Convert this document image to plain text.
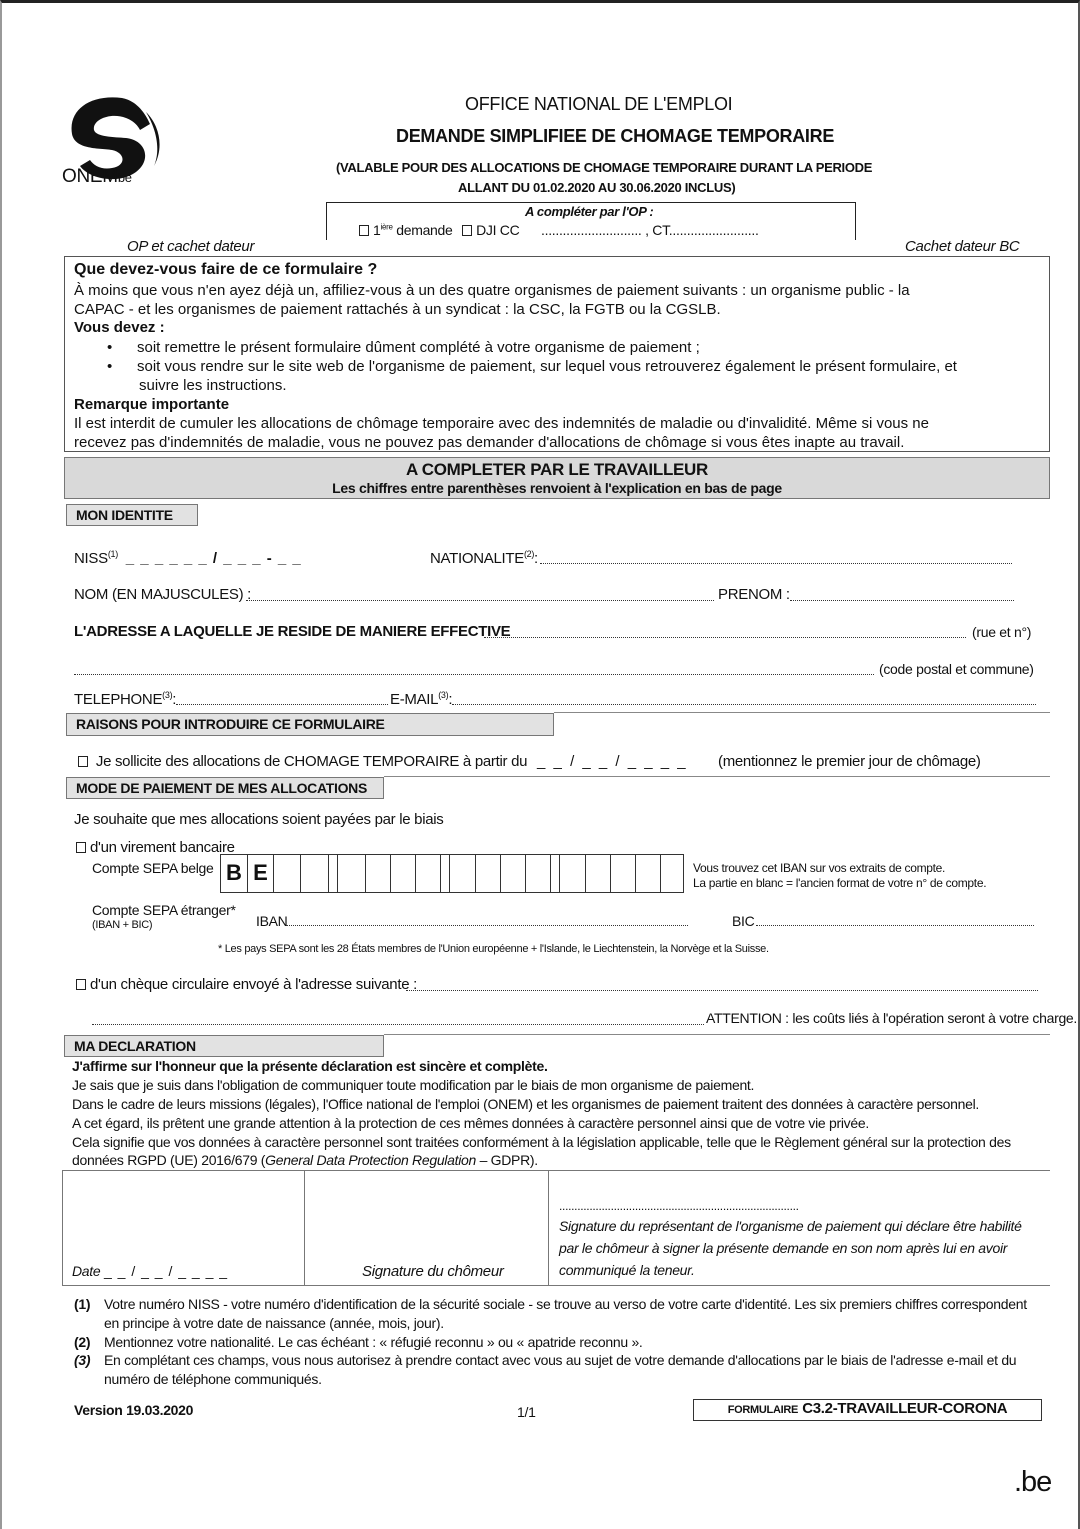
ONEMbe
OFFICE NATIONAL DE L'EMPLOI
DEMANDE SIMPLIFIEE DE CHOMAGE TEMPORAIRE
(VALABLE POUR DES ALLOCATIONS DE CHOMAGE TEMPORAIRE DURANT LA PERIODE
ALLANT DU 01.02.2020 AU 30.06.2020 INCLUS)
A compléter par l'OP :
$1^{ière}$ demande DJI CC ............................ , CT.........................
OP et cachet dateur	Cachet dateur BC
Que devez-vous faire de ce formulaire ?
À moins que vous n'en ayez déjà un, affiliez-vous à un des quatre organismes de paiement suivants : un organisme public - la
CAPAC - et les organismes de paiement rattachés à un syndicat : la CSC, la FGTB ou la CGSLB.
Vous devez :
• soit remettre le présent formulaire dûment complété à votre organisme de paiement ;
• soit vous rendre sur le site web de l'organisme de paiement, sur lequel vous retrouverez également le présent formulaire, et
suivre les instructions.
Remarque importante
Il est interdit de cumuler les allocations de chômage temporaire avec des indemnités de maladie ou d'invalidité. Même si vous ne
recevez pas d'indemnités de maladie, vous ne pouvez pas demander d'allocations de chômage si vous êtes inapte au travail.
A COMPLETER PAR LE TRAVAILLEUR
Les chiffres entre parenthèses renvoient à l'explication en bas de page
MON IDENTITE
NISS$^{(1)}$ _ _ _ _ _ _ / _ _ _ - _ _	NATIONALITE$^{(2)}$:
NOM (EN MAJUSCULES) :	PRENOM :
L'ADRESSE A LAQUELLE JE RESIDE DE MANIERE EFFECTIVE	(rue et n°)
(code postal et commune)
TELEPHONE$^{(3)}$:	E-MAIL$^{(3)}$:
RAISONS POUR INTRODUIRE CE FORMULAIRE
Je sollicite des allocations de CHOMAGE TEMPORAIRE à partir du _ _ / _ _ / _ _ _ _ (mentionnez le premier jour de chômage)
MODE DE PAIEMENT DE MES ALLOCATIONS
Je souhaite que mes allocations soient payées par le biais
d'un virement bancaire
Compte SEPA belge B E	Vous trouvez cet IBAN sur vos extraits de compte.
La partie en blanc = l'ancien format de votre n° de compte.
Compte SEPA étranger*
(IBAN + BIC)	IBAN	BIC
* Les pays SEPA sont les 28 États membres de l'Union européenne + l'Islande, le Liechtenstein, la Norvège et la Suisse.
d'un chèque circulaire envoyé à l'adresse suivante :
ATTENTION : les coûts liés à l'opération seront à votre charge.
MA DECLARATION
J'affirme sur l'honneur que la présente déclaration est sincère et complète.
Je sais que je suis dans l'obligation de communiquer toute modification par le biais de mon organisme de paiement.
Dans le cadre de leurs missions (légales), l'Office national de l'emploi (ONEM) et les organismes de paiement traitent des données à caractère personnel.
A cet égard, ils prêtent une grande attention à la protection de ces mêmes données à caractère personnel ainsi que de votre vie privée.
Cela signifie que vos données à caractère personnel sont traitées conformément à la législation applicable, telle que le Règlement général sur la protection des
données RGPD (UE) 2016/679 (General Data Protection Regulation – GDPR).
Date _ _ / _ _ / _ _ _ _	Signature du chômeur
...............................................................................
Signature du représentant de l'organisme de paiement qui déclare être habilité
par le chômeur à signer la présente demande en son nom après lui en avoir
communiqué la teneur.
(1) Votre numéro NISS - votre numéro d'identification de la sécurité sociale - se trouve au verso de votre carte d'identité. Les six premiers chiffres correspondent
en principe à votre date de naissance (année, mois, jour).
(2) Mentionnez votre nationalité. Le cas échéant : « réfugié reconnu » ou « apatride reconnu ».
(3) En complétant ces champs, vous nous autorisez à prendre contact avec vous au sujet de votre demande d'allocations par le biais de l'adresse e-mail et du
numéro de téléphone communiqués.
Version 19.03.2020	1/1	FORMULAIRE C3.2-TRAVAILLEUR-CORONA
.be
